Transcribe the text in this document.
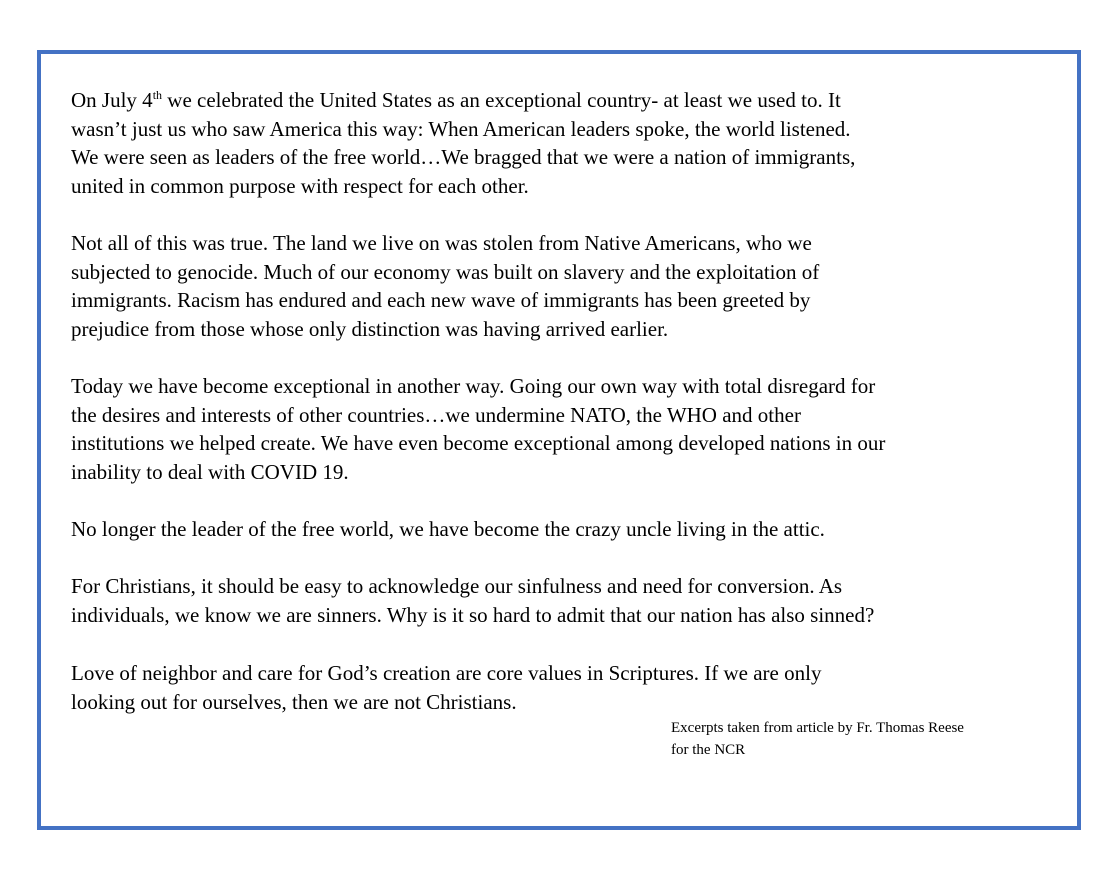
On July 4th we celebrated the United States as an exceptional country- at least we used to. It
wasn’t just us who saw America this way: When American leaders spoke, the world listened.
We were seen as leaders of the free world…We bragged that we were a nation of immigrants,
united in common purpose with respect for each other.

Not all of this was true. The land we live on was stolen from Native Americans, who we
subjected to genocide. Much of our economy was built on slavery and the exploitation of
immigrants. Racism has endured and each new wave of immigrants has been greeted by
prejudice from those whose only distinction was having arrived earlier.

Today we have become exceptional in another way. Going our own way with total disregard for
the desires and interests of other countries…we undermine NATO, the WHO and other
institutions we helped create. We have even become exceptional among developed nations in our
inability to deal with COVID 19.

No longer the leader of the free world, we have become the crazy uncle living in the attic.

For Christians, it should be easy to acknowledge our sinfulness and need for conversion. As
individuals, we know we are sinners. Why is it so hard to admit that our nation has also sinned?

Love of neighbor and care for God’s creation are core values in Scriptures. If we are only
looking out for ourselves, then we are not Christians.

Excerpts taken from article by Fr. Thomas Reese
for the NCR
